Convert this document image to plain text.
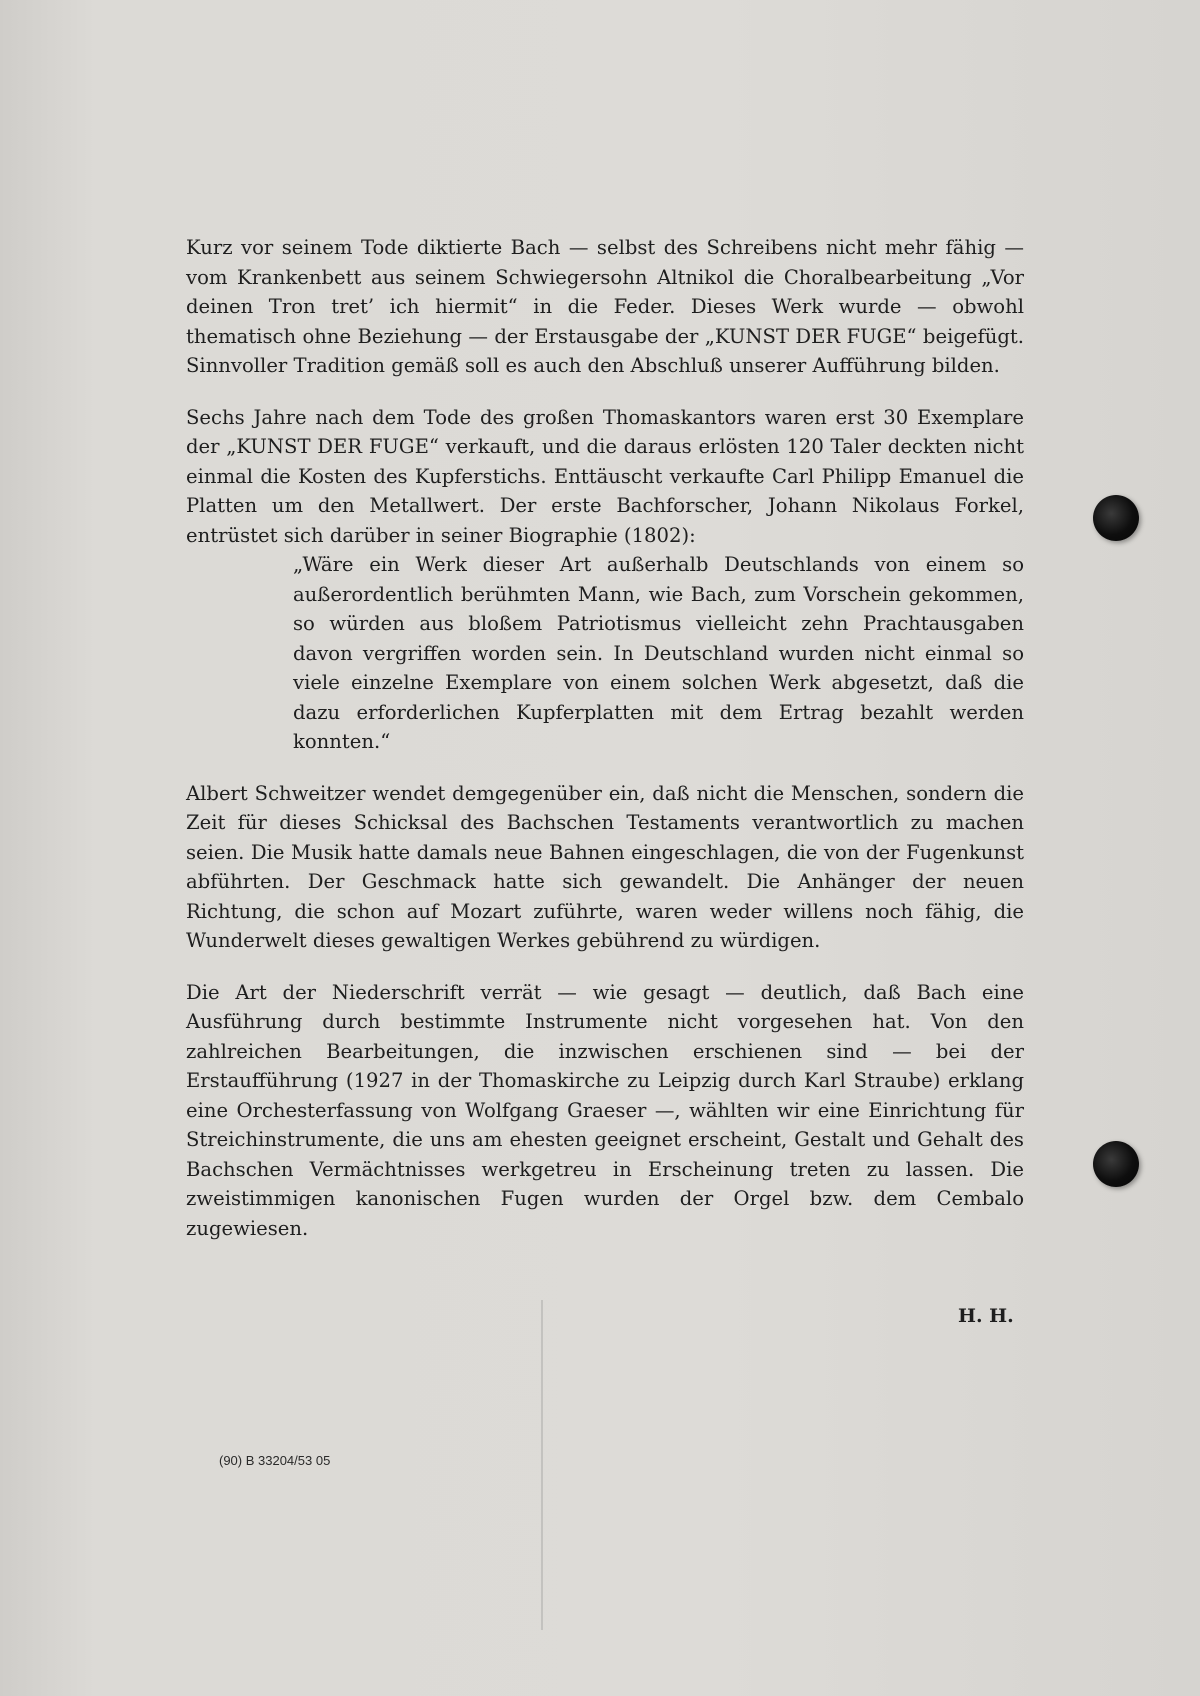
Kurz vor seinem Tode diktierte Bach — selbst des Schreibens nicht mehr fähig — vom Krankenbett aus seinem Schwiegersohn Altnikol die Choralbearbeitung „Vor deinen Tron tret’ ich hiermit“ in die Feder. Dieses Werk wurde — obwohl thematisch ohne Beziehung — der Erstausgabe der „KUNST DER FUGE“ beigefügt. Sinnvoller Tradition gemäß soll es auch den Abschluß unserer Aufführung bilden.

Sechs Jahre nach dem Tode des großen Thomaskantors waren erst 30 Exemplare der „KUNST DER FUGE“ verkauft, und die daraus erlösten 120 Taler deckten nicht einmal die Kosten des Kupferstichs. Enttäuscht verkaufte Carl Philipp Emanuel die Platten um den Metallwert. Der erste Bachforscher, Johann Nikolaus Forkel, entrüstet sich darüber in seiner Biographie (1802):

„Wäre ein Werk dieser Art außerhalb Deutschlands von einem so außerordentlich berühmten Mann, wie Bach, zum Vorschein gekommen, so würden aus bloßem Patriotismus vielleicht zehn Prachtausgaben davon vergriffen worden sein. In Deutschland wurden nicht einmal so viele einzelne Exemplare von einem solchen Werk abgesetzt, daß die dazu erforderlichen Kupferplatten mit dem Ertrag bezahlt werden konnten.“

Albert Schweitzer wendet demgegenüber ein, daß nicht die Menschen, sondern die Zeit für dieses Schicksal des Bachschen Testaments verantwortlich zu machen seien. Die Musik hatte damals neue Bahnen eingeschlagen, die von der Fugenkunst abführten. Der Geschmack hatte sich gewandelt. Die Anhänger der neuen Richtung, die schon auf Mozart zuführte, waren weder willens noch fähig, die Wunderwelt dieses gewaltigen Werkes gebührend zu würdigen.

Die Art der Niederschrift verrät — wie gesagt — deutlich, daß Bach eine Ausführung durch bestimmte Instrumente nicht vorgesehen hat. Von den zahlreichen Bearbeitungen, die inzwischen erschienen sind — bei der Erstaufführung (1927 in der Thomaskirche zu Leipzig durch Karl Straube) erklang eine Orchesterfassung von Wolfgang Graeser —, wählten wir eine Einrichtung für Streichinstrumente, die uns am ehesten geeignet erscheint, Gestalt und Gehalt des Bachschen Vermächtnisses werkgetreu in Erscheinung treten zu lassen. Die zweistimmigen kanonischen Fugen wurden der Orgel bzw. dem Cembalo zugewiesen.

H. H.
(90) B 33204/53 05
